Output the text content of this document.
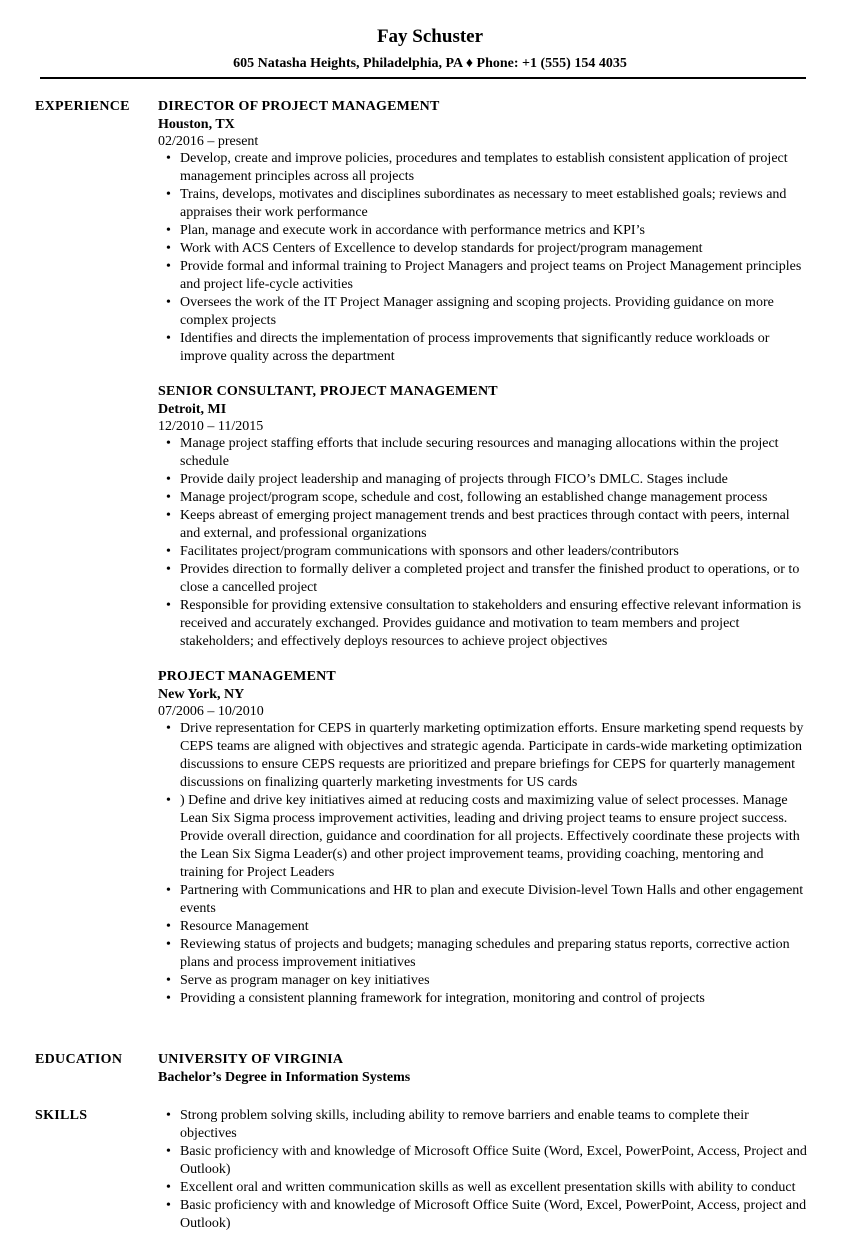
Fay Schuster
605 Natasha Heights, Philadelphia, PA ♦ Phone: +1 (555) 154 4035
EXPERIENCE DIRECTOR OF PROJECT MANAGEMENT
Houston, TX
02/2016 – present
• Develop, create and improve policies, procedures and templates to establish consistent application of project management principles across all projects
• Trains, develops, motivates and disciplines subordinates as necessary to meet established goals; reviews and appraises their work performance
• Plan, manage and execute work in accordance with performance metrics and KPI’s
• Work with ACS Centers of Excellence to develop standards for project/program management
• Provide formal and informal training to Project Managers and project teams on Project Management principles and project life-cycle activities
• Oversees the work of the IT Project Manager assigning and scoping projects. Providing guidance on more complex projects
• Identifies and directs the implementation of process improvements that significantly reduce workloads or improve quality across the department
SENIOR CONSULTANT, PROJECT MANAGEMENT
Detroit, MI
12/2010 – 11/2015
• Manage project staffing efforts that include securing resources and managing allocations within the project schedule
• Provide daily project leadership and managing of projects through FICO’s DMLC. Stages include
• Manage project/program scope, schedule and cost, following an established change management process
• Keeps abreast of emerging project management trends and best practices through contact with peers, internal and external, and professional organizations
• Facilitates project/program communications with sponsors and other leaders/contributors
• Provides direction to formally deliver a completed project and transfer the finished product to operations, or to close a cancelled project
• Responsible for providing extensive consultation to stakeholders and ensuring effective relevant information is received and accurately exchanged. Provides guidance and motivation to team members and project stakeholders; and effectively deploys resources to achieve project objectives
PROJECT MANAGEMENT
New York, NY
07/2006 – 10/2010
• Drive representation for CEPS in quarterly marketing optimization efforts. Ensure marketing spend requests by CEPS teams are aligned with objectives and strategic agenda. Participate in cards-wide marketing optimization discussions to ensure CEPS requests are prioritized and prepare briefings for CEPS for quarterly management discussions on finalizing quarterly marketing investments for US cards
• ) Define and drive key initiatives aimed at reducing costs and maximizing value of select processes. Manage Lean Six Sigma process improvement activities, leading and driving project teams to ensure project success. Provide overall direction, guidance and coordination for all projects. Effectively coordinate these projects with the Lean Six Sigma Leader(s) and other project improvement teams, providing coaching, mentoring and training for Project Leaders
• Partnering with Communications and HR to plan and execute Division-level Town Halls and other engagement events
• Resource Management
• Reviewing status of projects and budgets; managing schedules and preparing status reports, corrective action plans and process improvement initiatives
• Serve as program manager on key initiatives
• Providing a consistent planning framework for integration, monitoring and control of projects
EDUCATION	UNIVERSITY OF VIRGINIA
Bachelor’s Degree in Information Systems
SKILLS
•	Strong problem solving skills, including ability to remove barriers and enable teams to complete their objectives
• Basic proficiency with and knowledge of Microsoft Office Suite (Word, Excel, PowerPoint, Access, Project and Outlook)
• Excellent oral and written communication skills as well as excellent presentation skills with ability to conduct
• Basic proficiency with and knowledge of Microsoft Office Suite (Word, Excel, PowerPoint, Access, project and Outlook)
